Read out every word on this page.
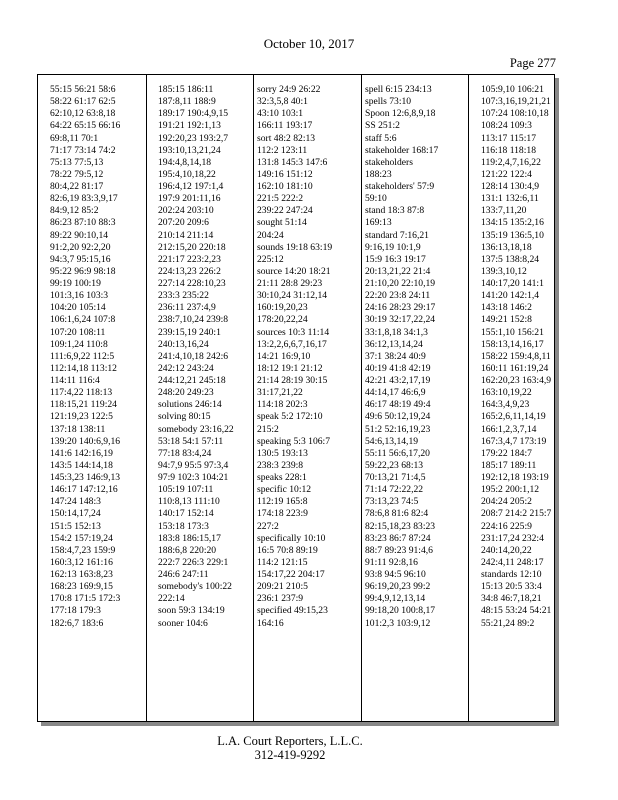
October 10, 2017
Page 277
55:15 56:21 58:6
58:22 61:17 62:5
62:10,12 63:8,18
64:22 65:15 66:16
69:8,11 70:1
71:17 73:14 74:2
75:13 77:5,13
78:22 79:5,12
80:4,22 81:17
82:6,19 83:3,9,17
84:9,12 85:2
86:23 87:10 88:3
89:22 90:10,14
91:2,20 92:2,20
94:3,7 95:15,16
95:22 96:9 98:18
99:19 100:19
101:3,16 103:3
104:20 105:14
106:1,6,24 107:8
107:20 108:11
109:1,24 110:8
111:6,9,22 112:5
112:14,18 113:12
114:11 116:4
117:4,22 118:13
118:15,21 119:24
121:19,23 122:5
137:18 138:11
139:20 140:6,9,16
141:6 142:16,19
143:5 144:14,18
145:3,23 146:9,13
146:17 147:12,16
147:24 148:3
150:14,17,24
151:5 152:13
154:2 157:19,24
158:4,7,23 159:9
160:3,12 161:16
162:13 163:8,23
168:23 169:9,15
170:8 171:5 172:3
177:18 179:3
182:6,7 183:6
185:15 186:11
187:8,11 188:9
189:17 190:4,9,15
191:21 192:1,13
192:20,23 193:2,7
193:10,13,21,24
194:4,8,14,18
195:4,10,18,22
196:4,12 197:1,4
197:9 201:11,16
202:24 203:10
207:20 209:6
210:14 211:14
212:15,20 220:18
221:17 223:2,23
224:13,23 226:2
227:14 228:10,23
233:3 235:22
236:11 237:4,9
238:7,10,24 239:8
239:15,19 240:1
240:13,16,24
241:4,10,18 242:6
242:12 243:24
244:12,21 245:18
248:20 249:23
solutions 246:14
solving 80:15
somebody 23:16,22
53:18 54:1 57:11
77:18 83:4,24
94:7,9 95:5 97:3,4
97:9 102:3 104:21
105:19 107:11
110:8,13 111:10
140:17 152:14
153:18 173:3
183:8 186:15,17
188:6,8 220:20
222:7 226:3 229:1
246:6 247:11
somebody's 100:22
222:14
soon 59:3 134:19
sooner 104:6
sorry 24:9 26:22
32:3,5,8 40:1
43:10 103:1
166:11 193:17
sort 48:2 82:13
112:2 123:11
131:8 145:3 147:6
149:16 151:12
162:10 181:10
221:5 222:2
239:22 247:24
sought 51:14
204:24
sounds 19:18 63:19
225:12
source 14:20 18:21
21:11 28:8 29:23
30:10,24 31:12,14
160:19,20,23
178:20,22,24
sources 10:3 11:14
13:2,2,6,6,7,16,17
14:21 16:9,10
18:12 19:1 21:12
21:14 28:19 30:15
31:17,21,22
114:18 202:3
speak 5:2 172:10
215:2
speaking 5:3 106:7
130:5 193:13
238:3 239:8
speaks 228:1
specific 10:12
112:19 165:8
174:18 223:9
227:2
specifically 10:10
16:5 70:8 89:19
114:2 121:15
154:17,22 204:17
209:21 210:5
236:1 237:9
specified 49:15,23
164:16
spell 6:15 234:13
spells 73:10
Spoon 12:6,8,9,18
SS 251:2
staff 5:6
stakeholder 168:17
stakeholders
188:23
stakeholders' 57:9
59:10
stand 18:3 87:8
169:13
standard 7:16,21
9:16,19 10:1,9
15:9 16:3 19:17
20:13,21,22 21:4
21:10,20 22:10,19
22:20 23:8 24:11
24:16 28:23 29:17
30:19 32:17,22,24
33:1,8,18 34:1,3
36:12,13,14,24
37:1 38:24 40:9
40:19 41:8 42:19
42:21 43:2,17,19
44:14,17 46:6,9
46:17 48:19 49:4
49:6 50:12,19,24
51:2 52:16,19,23
54:6,13,14,19
55:11 56:6,17,20
59:22,23 68:13
70:13,21 71:4,5
71:14 72:22,22
73:13,23 74:5
78:6,8 81:6 82:4
82:15,18,23 83:23
83:23 86:7 87:24
88:7 89:23 91:4,6
91:11 92:8,16
93:8 94:5 96:10
96:19,20,23 99:2
99:4,9,12,13,14
99:18,20 100:8,17
101:2,3 103:9,12
105:9,10 106:21
107:3,16,19,21,21
107:24 108:10,18
108:24 109:3
113:17 115:17
116:18 118:18
119:2,4,7,16,22
121:22 122:4
128:14 130:4,9
131:1 132:6,11
133:7,11,20
134:15 135:2,16
135:19 136:5,10
136:13,18,18
137:5 138:8,24
139:3,10,12
140:17,20 141:1
141:20 142:1,4
143:18 146:2
149:21 152:8
155:1,10 156:21
158:13,14,16,17
158:22 159:4,8,11
160:11 161:19,24
162:20,23 163:4,9
163:10,19,22
164:3,4,9,23
165:2,6,11,14,19
166:1,2,3,7,14
167:3,4,7 173:19
179:22 184:7
185:17 189:11
192:12,18 193:19
195:2 200:1,12
204:24 205:2
208:7 214:2 215:7
224:16 225:9
231:17,24 232:4
240:14,20,22
242:4,11 248:17
standards 12:10
15:13 20:5 33:4
34:8 46:7,18,21
48:15 53:24 54:21
55:21,24 89:2
L.A. Court Reporters, L.L.C.
312-419-9292
